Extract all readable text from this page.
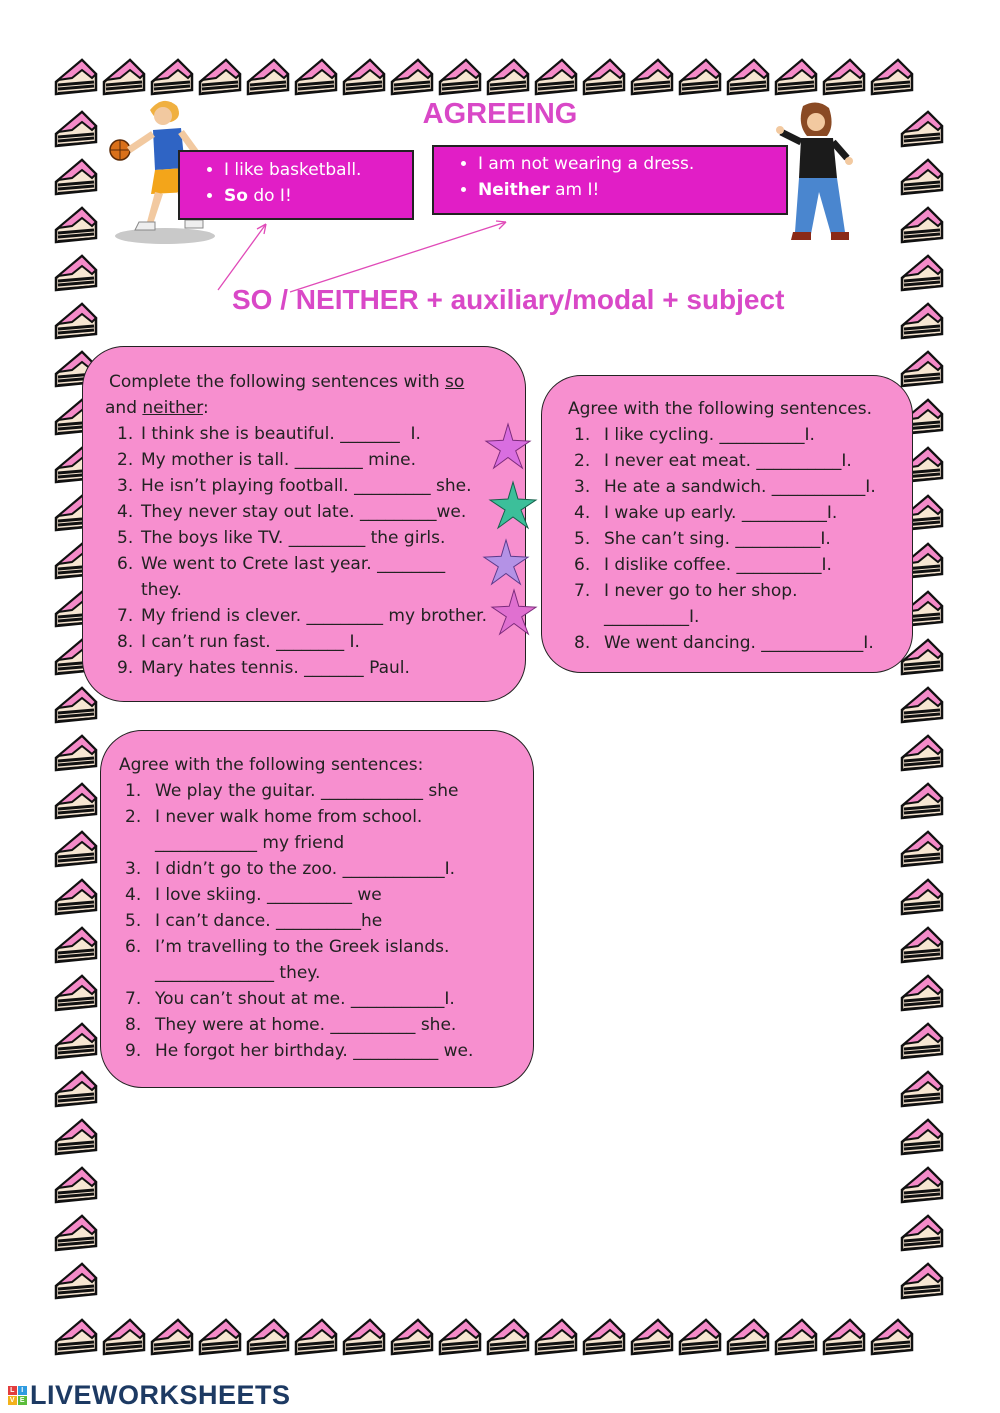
AGREEING
• I like basketball.
• So do I!
• I am not wearing a dress.
• Neither am I!
SO / NEITHER + auxiliary/modal + subject
Complete the following sentences with so
and neither:
1. I think she is beautiful. _______  I.
2. My mother is tall. ________ mine.
3. He isn’t playing football. _________ she.
4. They never stay out late. _________we.
5. The boys like TV. _________ the girls.
6. We went to Crete last year. ________
they.
7. My friend is clever. _________ my brother.
8. I can’t run fast. ________ I.
9. Mary hates tennis. _______ Paul.
Agree with the following sentences.
1. I like cycling. __________I.
2. I never eat meat. __________I.
3. He ate a sandwich. ___________I.
4. I wake up early. __________I.
5. She can’t sing. __________I.
6. I dislike coffee. __________I.
7. I never go to her shop.
__________I.
8. We went dancing. ____________I.
Agree with the following sentences:
1. We play the guitar. ____________ she
2. I never walk home from school.
____________ my friend
3. I didn’t go to the zoo. ____________I.
4. I love skiing. __________ we
5. I can’t dance. __________he
6. I’m travelling to the Greek islands.
______________ they.
7. You can’t shout at me. ___________I.
8. They were at home. __________ she.
9. He forgot her birthday. __________ we.
L I
V E LIVEWORKSHEETS
